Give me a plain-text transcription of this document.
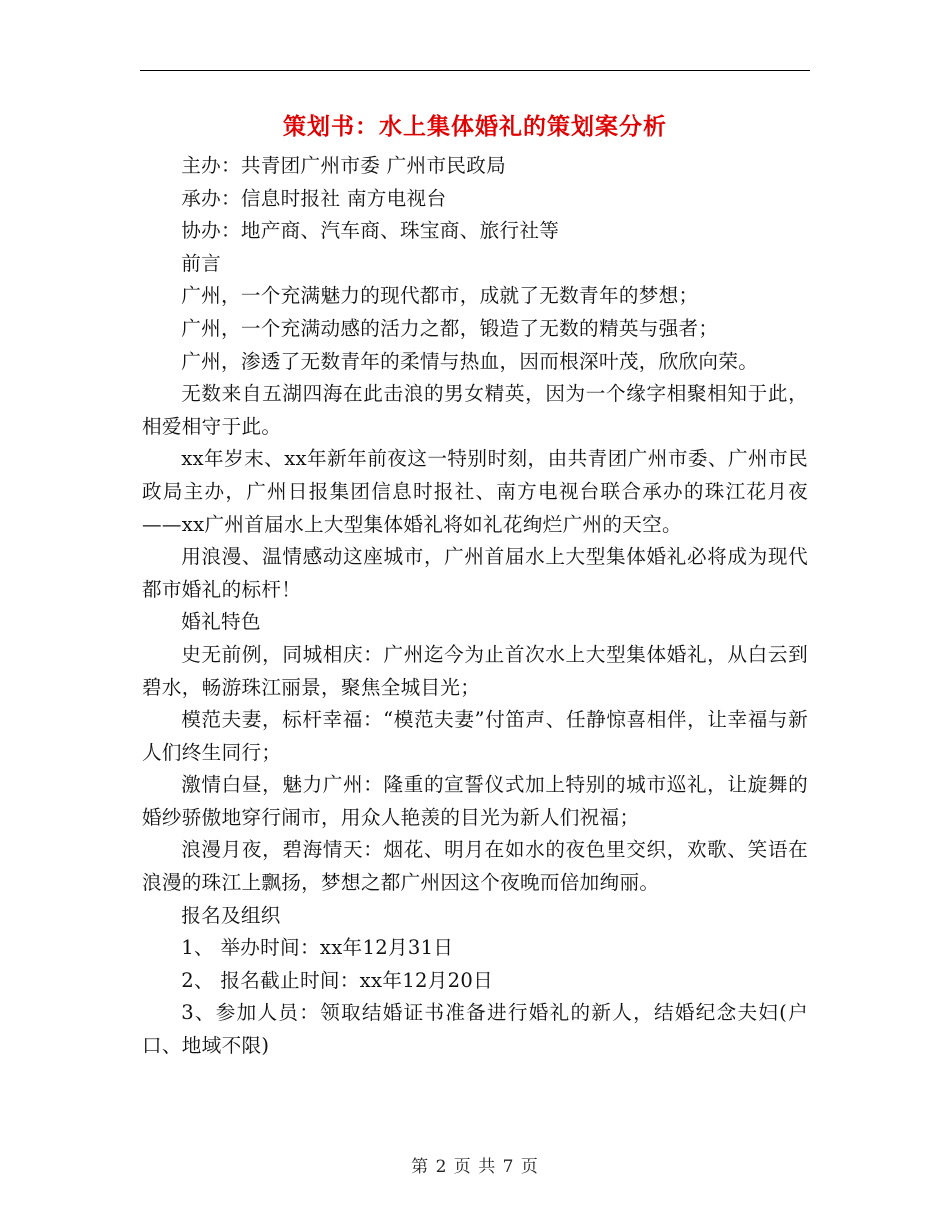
策划书：水上集体婚礼的策划案分析

主办：共青团广州市委 广州市民政局

承办：信息时报社 南方电视台

协办：地产商、汽车商、珠宝商、旅行社等

前言

广州，一个充满魅力的现代都市，成就了无数青年的梦想；

广州，一个充满动感的活力之都，锻造了无数的精英与强者；

广州，渗透了无数青年的柔情与热血，因而根深叶茂，欣欣向荣。

无数来自五湖四海在此击浪的男女精英，因为一个缘字相聚相知于此，相爱相守于此。

xx年岁末、xx年新年前夜这一特别时刻，由共青团广州市委、广州市民政局主办，广州日报集团信息时报社、南方电视台联合承办的珠江花月夜——xx广州首届水上大型集体婚礼将如礼花绚烂广州的天空。

用浪漫、温情感动这座城市，广州首届水上大型集体婚礼必将成为现代都市婚礼的标杆！

婚礼特色

史无前例，同城相庆：广州迄今为止首次水上大型集体婚礼，从白云到碧水，畅游珠江丽景，聚焦全城目光；

模范夫妻，标杆幸福：“模范夫妻”付笛声、任静惊喜相伴，让幸福与新人们终生同行；

激情白昼，魅力广州：隆重的宣誓仪式加上特别的城市巡礼，让旋舞的婚纱骄傲地穿行闹市，用众人艳羡的目光为新人们祝福；

浪漫月夜，碧海情天：烟花、明月在如水的夜色里交织，欢歌、笑语在浪漫的珠江上飘扬，梦想之都广州因这个夜晚而倍加绚丽。

报名及组织

1、 举办时间：xx年12月31日

2、 报名截止时间：xx年12月20日

3、参加人员：领取结婚证书准备进行婚礼的新人，结婚纪念夫妇(户口、地域不限)

第 2 页 共 7 页
